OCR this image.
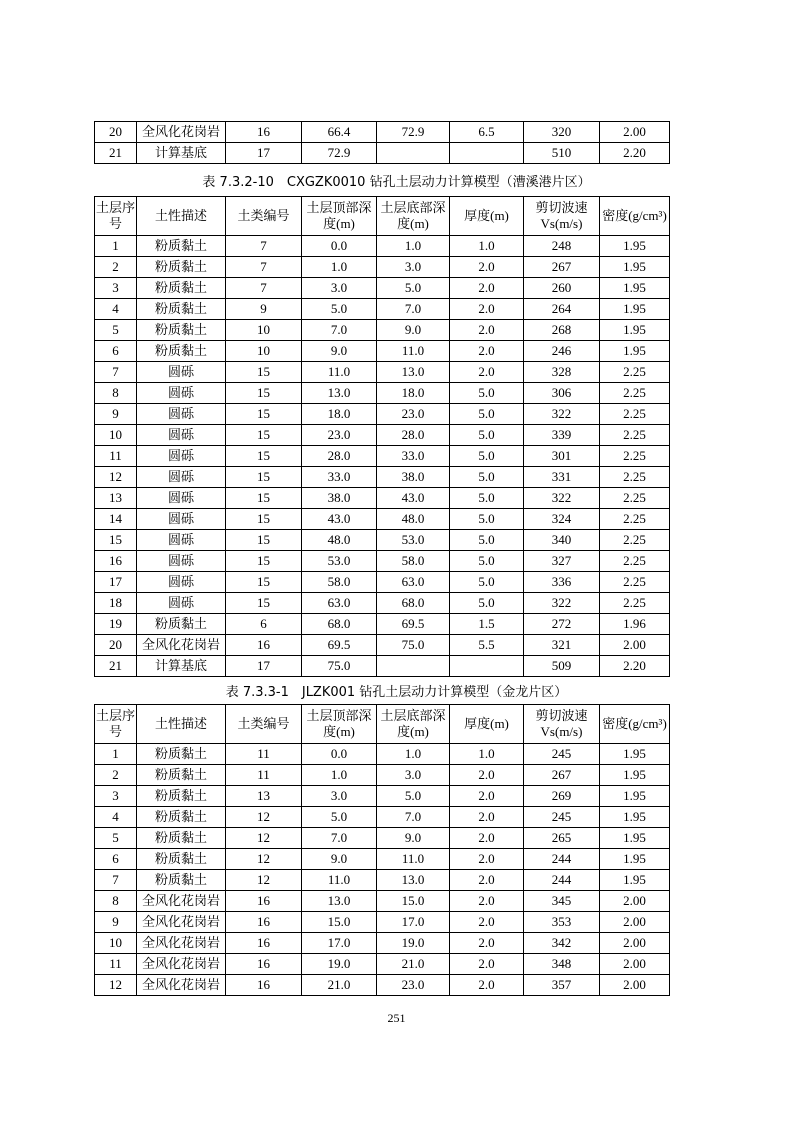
20	全风化花岗岩	16	66.4	72.9	6.5	320	2.00
21	计算基底	17	72.9			510	2.20
表 7.3.2-10　CXGZK0010 钻孔土层动力计算模型（漕溪港片区）
土层序号	土性描述	土类编号	土层顶部深度(m)	土层底部深度(m)	厚度(m)	剪切波速Vs(m/s)	密度(g/cm³)
1	粉质黏土	7	0.0	1.0	1.0	248	1.95
2	粉质黏土	7	1.0	3.0	2.0	267	1.95
3	粉质黏土	7	3.0	5.0	2.0	260	1.95
4	粉质黏土	9	5.0	7.0	2.0	264	1.95
5	粉质黏土	10	7.0	9.0	2.0	268	1.95
6	粉质黏土	10	9.0	11.0	2.0	246	1.95
7	圆砾	15	11.0	13.0	2.0	328	2.25
8	圆砾	15	13.0	18.0	5.0	306	2.25
9	圆砾	15	18.0	23.0	5.0	322	2.25
10	圆砾	15	23.0	28.0	5.0	339	2.25
11	圆砾	15	28.0	33.0	5.0	301	2.25
12	圆砾	15	33.0	38.0	5.0	331	2.25
13	圆砾	15	38.0	43.0	5.0	322	2.25
14	圆砾	15	43.0	48.0	5.0	324	2.25
15	圆砾	15	48.0	53.0	5.0	340	2.25
16	圆砾	15	53.0	58.0	5.0	327	2.25
17	圆砾	15	58.0	63.0	5.0	336	2.25
18	圆砾	15	63.0	68.0	5.0	322	2.25
19	粉质黏土	6	68.0	69.5	1.5	272	1.96
20	全风化花岗岩	16	69.5	75.0	5.5	321	2.00
21	计算基底	17	75.0			509	2.20
表 7.3.3-1　JLZK001 钻孔土层动力计算模型（金龙片区）
土层序号	土性描述	土类编号	土层顶部深度(m)	土层底部深度(m)	厚度(m)	剪切波速Vs(m/s)	密度(g/cm³)
1	粉质黏土	11	0.0	1.0	1.0	245	1.95
2	粉质黏土	11	1.0	3.0	2.0	267	1.95
3	粉质黏土	13	3.0	5.0	2.0	269	1.95
4	粉质黏土	12	5.0	7.0	2.0	245	1.95
5	粉质黏土	12	7.0	9.0	2.0	265	1.95
6	粉质黏土	12	9.0	11.0	2.0	244	1.95
7	粉质黏土	12	11.0	13.0	2.0	244	1.95
8	全风化花岗岩	16	13.0	15.0	2.0	345	2.00
9	全风化花岗岩	16	15.0	17.0	2.0	353	2.00
10	全风化花岗岩	16	17.0	19.0	2.0	342	2.00
11	全风化花岗岩	16	19.0	21.0	2.0	348	2.00
12	全风化花岗岩	16	21.0	23.0	2.0	357	2.00
251
